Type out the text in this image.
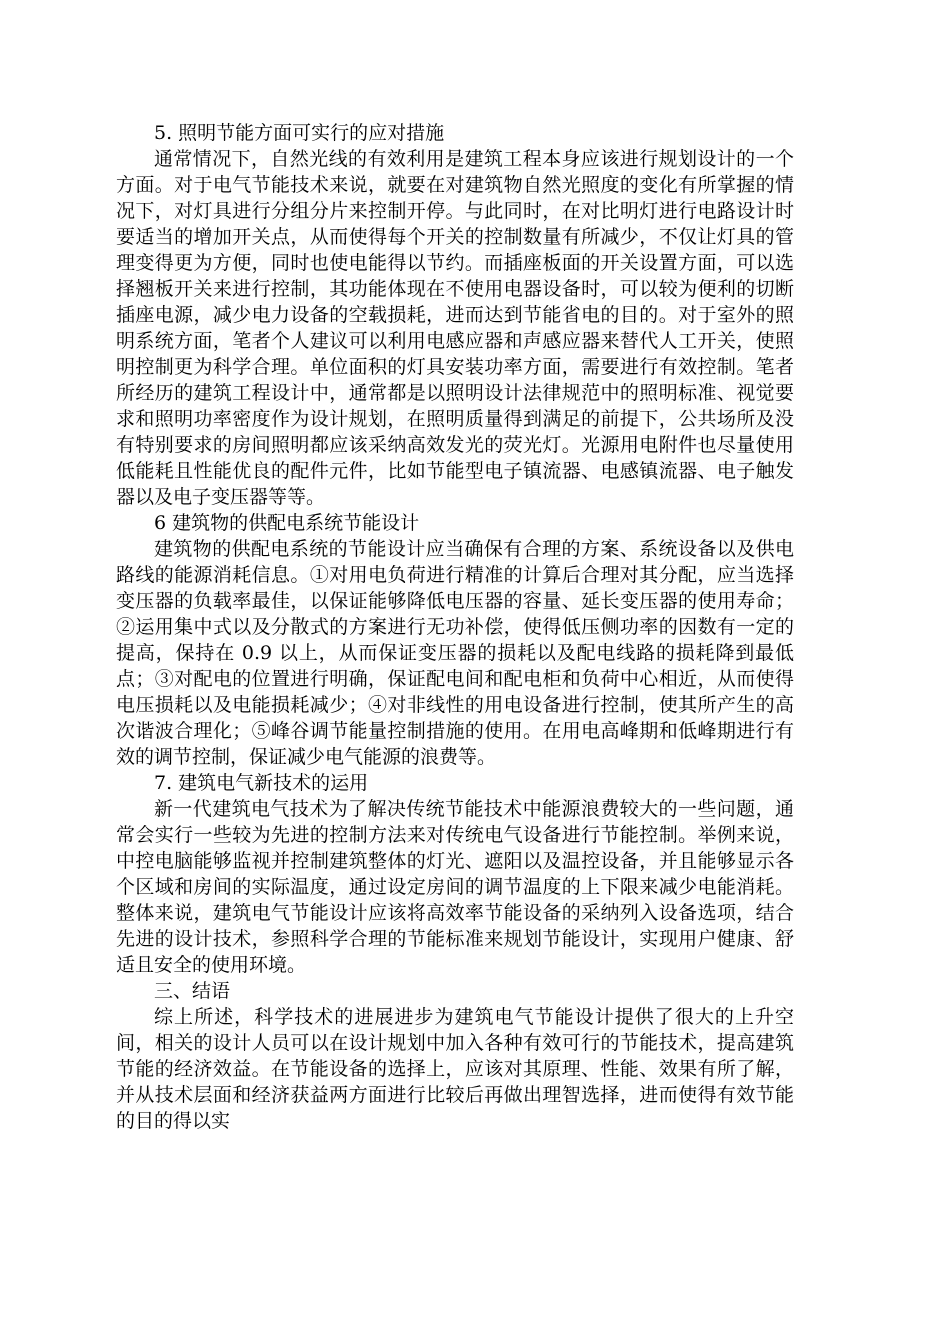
5. 照明节能方面可实行的应对措施

通常情况下，自然光线的有效利用是建筑工程本身应该进行规划设计的一个方面。对于电气节能技术来说，就要在对建筑物自然光照度的变化有所掌握的情况下，对灯具进行分组分片来控制开停。与此同时，在对比明灯进行电路设计时要适当的增加开关点，从而使得每个开关的控制数量有所减少，不仅让灯具的管理变得更为方便，同时也使电能得以节约。而插座板面的开关设置方面，可以选择翘板开关来进行控制，其功能体现在不使用电器设备时，可以较为便利的切断插座电源，减少电力设备的空载损耗，进而达到节能省电的目的。对于室外的照明系统方面，笔者个人建议可以利用电感应器和声感应器来替代人工开关，使照明控制更为科学合理。单位面积的灯具安装功率方面，需要进行有效控制。笔者所经历的建筑工程设计中，通常都是以照明设计法律规范中的照明标准、视觉要求和照明功率密度作为设计规划，在照明质量得到满足的前提下，公共场所及没有特别要求的房间照明都应该采纳高效发光的荧光灯。光源用电附件也尽量使用低能耗且性能优良的配件元件，比如节能型电子镇流器、电感镇流器、电子触发器以及电子变压器等等。

6 建筑物的供配电系统节能设计

建筑物的供配电系统的节能设计应当确保有合理的方案、系统设备以及供电路线的能源消耗信息。①对用电负荷进行精准的计算后合理对其分配，应当选择变压器的负载率最佳，以保证能够降低电压器的容量、延长变压器的使用寿命；②运用集中式以及分散式的方案进行无功补偿，使得低压侧功率的因数有一定的提高，保持在 0.9 以上，从而保证变压器的损耗以及配电线路的损耗降到最低点；③对配电的位置进行明确，保证配电间和配电柜和负荷中心相近，从而使得电压损耗以及电能损耗减少；④对非线性的用电设备进行控制，使其所产生的高次谐波合理化；⑤峰谷调节能量控制措施的使用。在用电高峰期和低峰期进行有效的调节控制，保证减少电气能源的浪费等。

7. 建筑电气新技术的运用

新一代建筑电气技术为了解决传统节能技术中能源浪费较大的一些问题，通常会实行一些较为先进的控制方法来对传统电气设备进行节能控制。举例来说，中控电脑能够监视并控制建筑整体的灯光、遮阳以及温控设备，并且能够显示各个区域和房间的实际温度，通过设定房间的调节温度的上下限来减少电能消耗。整体来说，建筑电气节能设计应该将高效率节能设备的采纳列入设备选项，结合先进的设计技术，参照科学合理的节能标准来规划节能设计，实现用户健康、舒适且安全的使用环境。

三、结语

综上所述，科学技术的进展进步为建筑电气节能设计提供了很大的上升空间，相关的设计人员可以在设计规划中加入各种有效可行的节能技术，提高建筑节能的经济效益。在节能设备的选择上，应该对其原理、性能、效果有所了解，并从技术层面和经济获益两方面进行比较后再做出理智选择，进而使得有效节能的目的得以实
